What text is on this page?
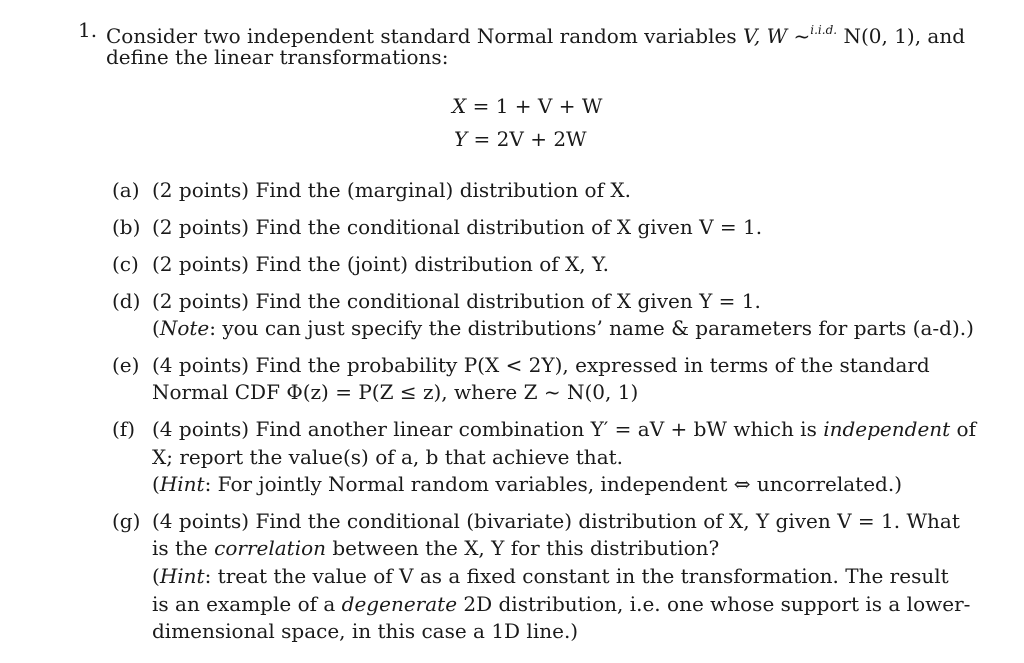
1. Consider two independent standard Normal random variables V, W ~$^{i.i.d.}$ N(0, 1), and
define the linear transformations:
X = 1 + V + W
Y = 2V + 2W
(a) (2 points) Find the (marginal) distribution of X.
(b) (2 points) Find the conditional distribution of X given V = 1.
(c) (2 points) Find the (joint) distribution of X, Y.
(d) (2 points) Find the conditional distribution of X given Y = 1.
(Note: you can just specify the distributions’ name & parameters for parts (a-d).)
(e) (4 points) Find the probability P(X < 2Y), expressed in terms of the standard
Normal CDF Φ(z) = P(Z ≤ z), where Z ~ N(0, 1)
(f) (4 points) Find another linear combination Y′ = aV + bW which is independent of
X; report the value(s) of a, b that achieve that.
(Hint: For jointly Normal random variables, independent ⇔ uncorrelated.)
(g) (4 points) Find the conditional (bivariate) distribution of X, Y given V = 1. What
is the correlation between the X, Y for this distribution?
(Hint: treat the value of V as a fixed constant in the transformation. The result
is an example of a degenerate 2D distribution, i.e. one whose support is a lower-
dimensional space, in this case a 1D line.)
